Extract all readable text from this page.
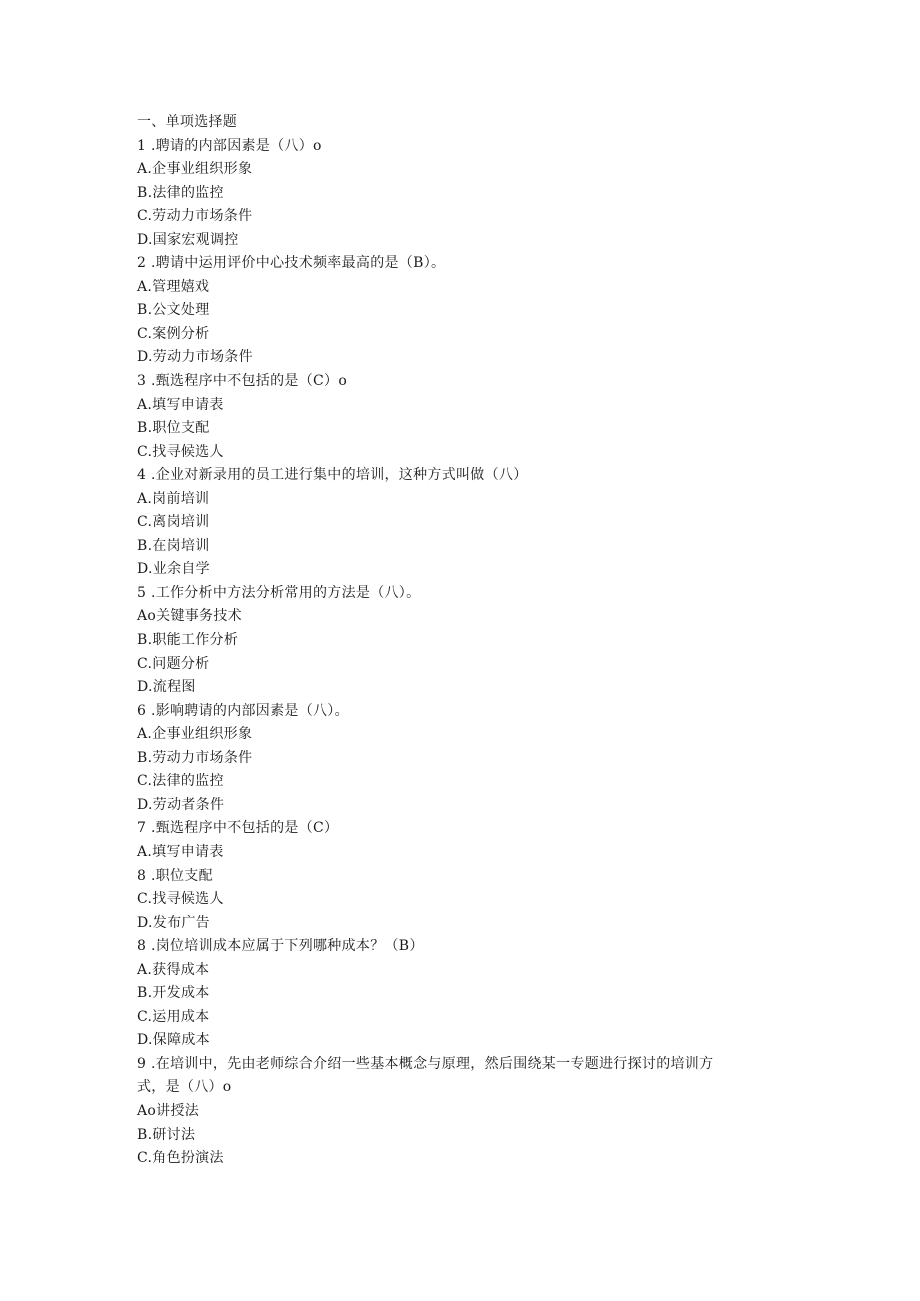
一、单项选择题
1 .聘请的内部因素是（八）o
A.企事业组织形象
B.法律的监控
C.劳动力市场条件
D.国家宏观调控
2 .聘请中运用评价中心技术频率最高的是（B）。
A.管理嬉戏
B.公文处理
C.案例分析
D.劳动力市场条件
3 .甄选程序中不包括的是（C）o
A.填写申请表
B.职位支配
C.找寻候选人
4 .企业对新录用的员工进行集中的培训，这种方式叫做（八）
A.岗前培训
C.离岗培训
B.在岗培训
D.业余自学
5 .工作分析中方法分析常用的方法是（八）。
Ao关键事务技术
B.职能工作分析
C.问题分析
D.流程图
6 .影响聘请的内部因素是（八）。
A.企事业组织形象
B.劳动力市场条件
C.法律的监控
D.劳动者条件
7 .甄选程序中不包括的是（C）
A.填写申请表
8 .职位支配
C.找寻候选人
D.发布广告
8 .岗位培训成本应属于下列哪种成本？（B）
A.获得成本
B.开发成本
C.运用成本
D.保障成本
9 .在培训中，先由老师综合介绍一些基本概念与原理，然后围绕某一专题进行探讨的培训方
式，是（八）o
Ao讲授法
B.研讨法
C.角色扮演法
